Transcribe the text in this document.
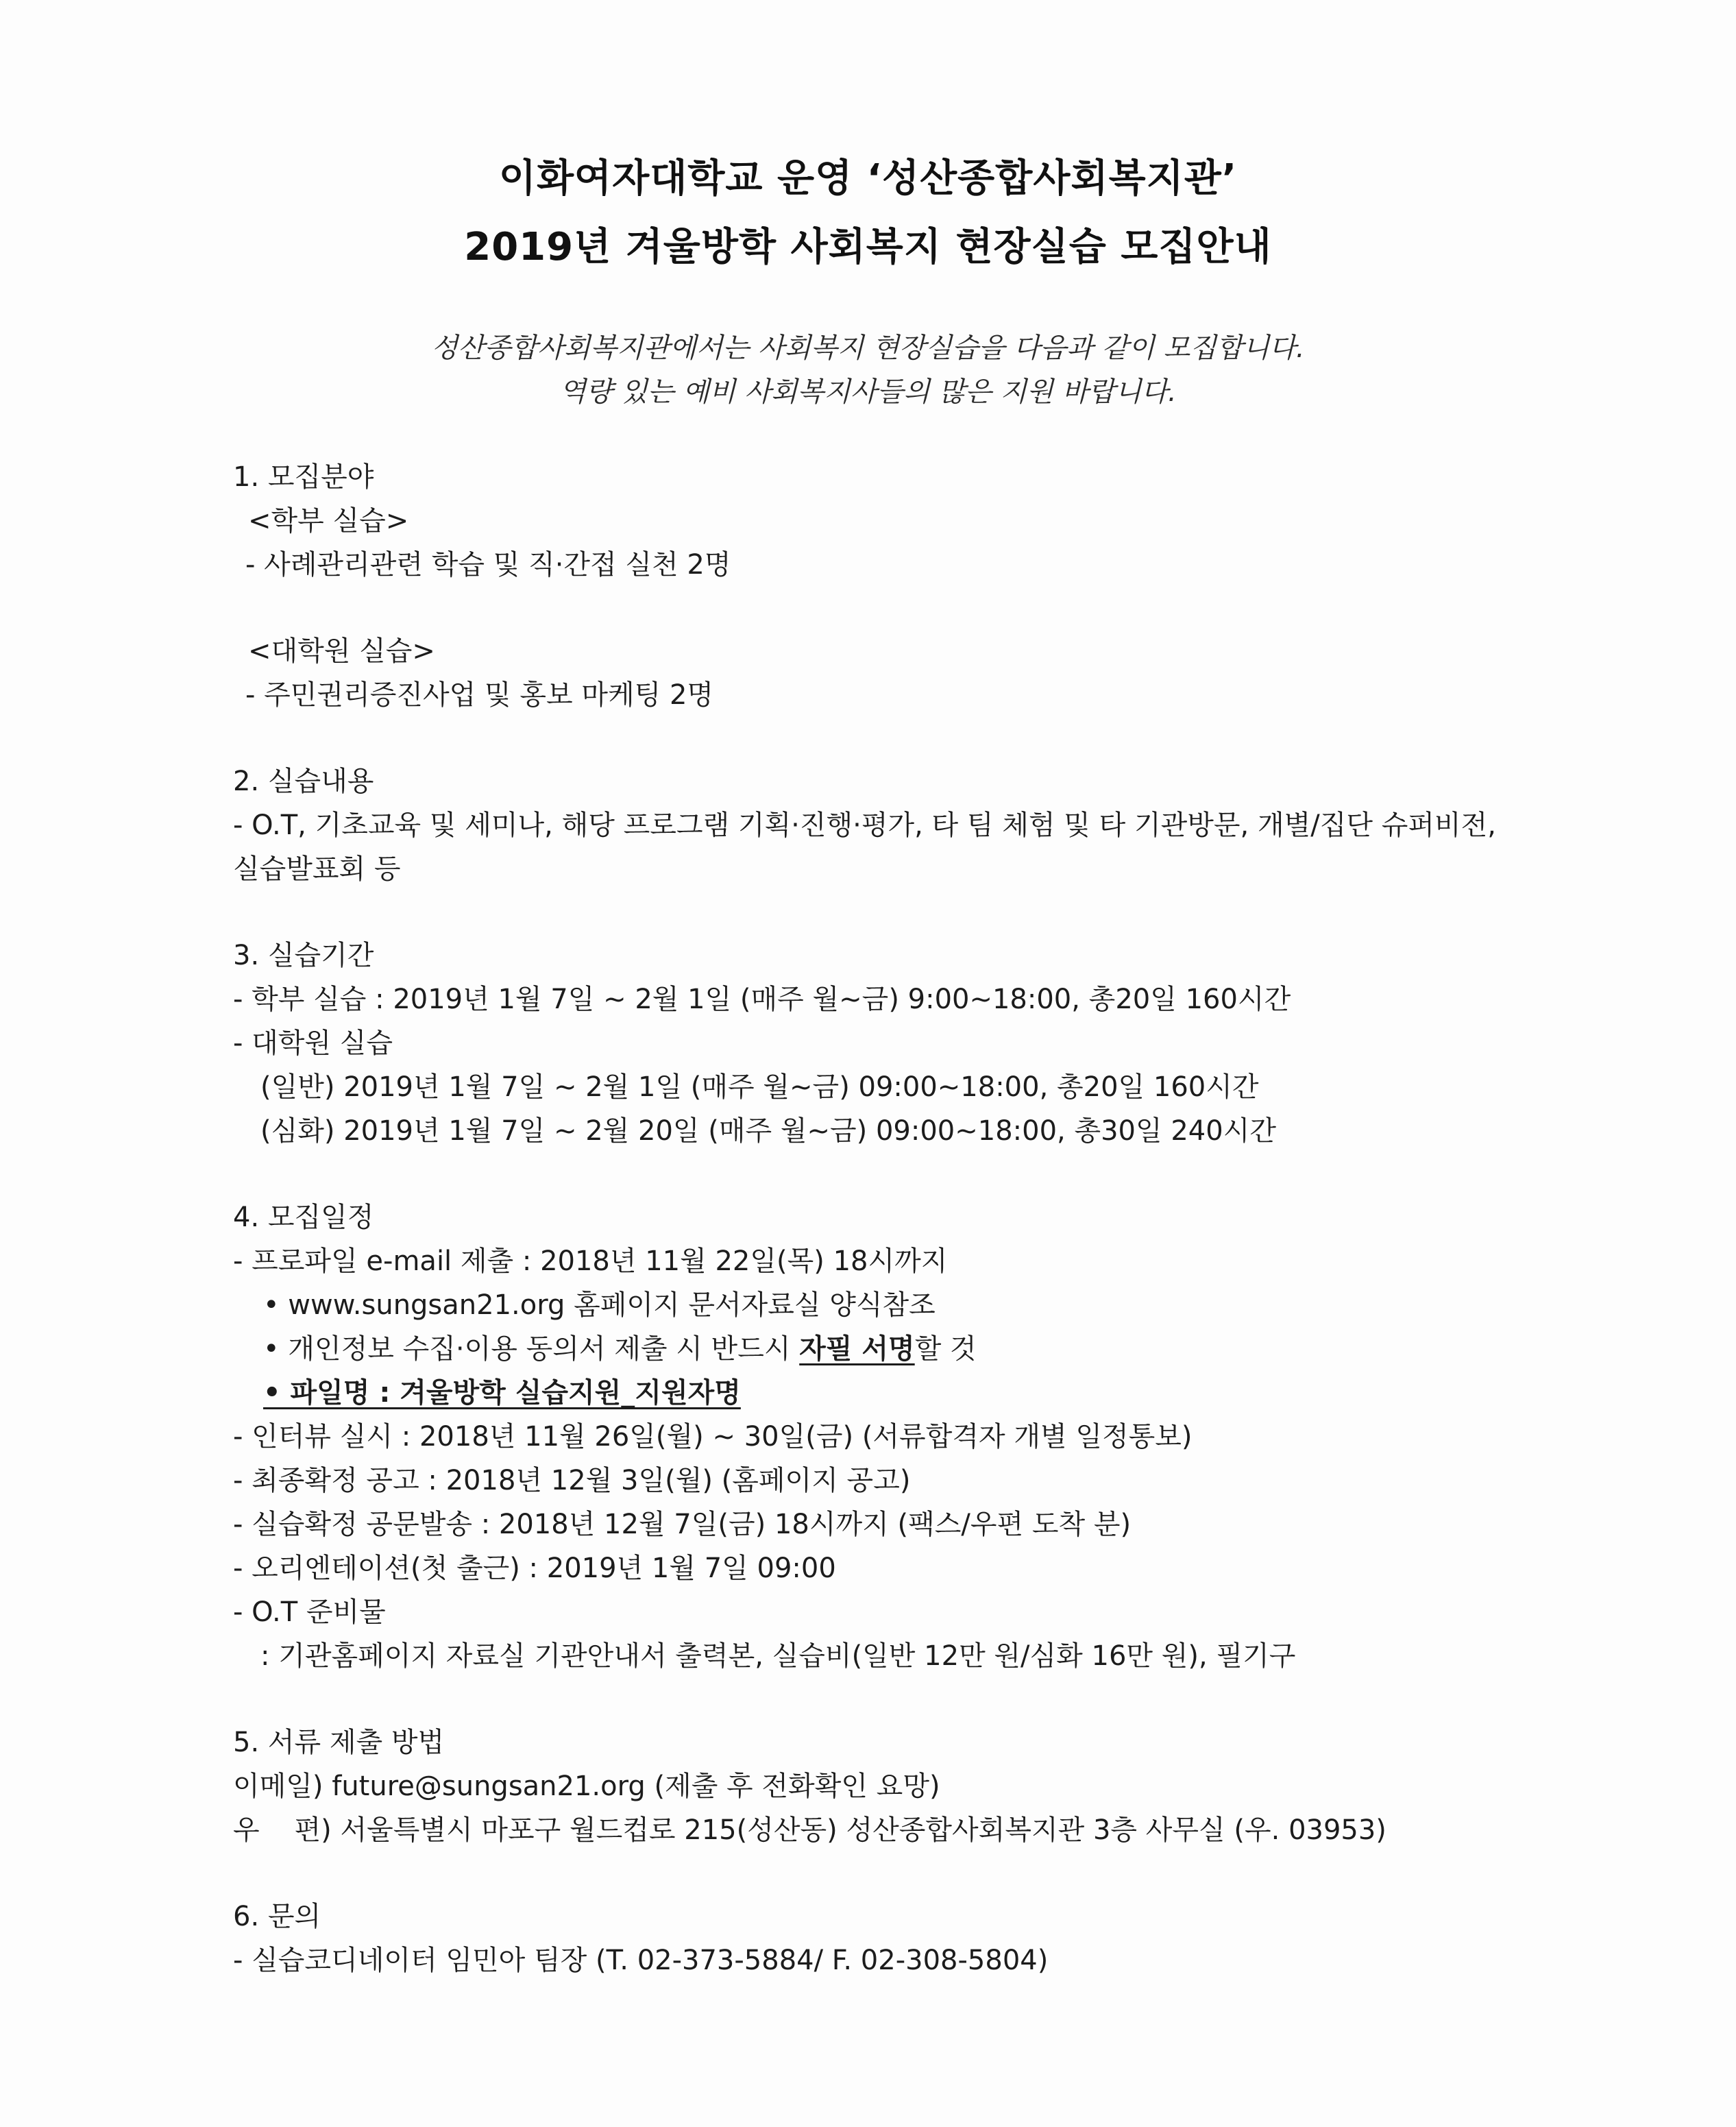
이화여자대학교 운영 ‘성산종합사회복지관’
2019년 겨울방학 사회복지 현장실습 모집안내
성산종합사회복지관에서는 사회복지 현장실습을 다음과 같이 모집합니다.
역량 있는 예비 사회복지사들의 많은 지원 바랍니다.
1. 모집분야
<학부 실습>
- 사례관리관련 학습 및 직·간접 실천 2명
<대학원 실습>
- 주민권리증진사업 및 홍보 마케팅 2명
2. 실습내용
- O.T, 기초교육 및 세미나, 해당 프로그램 기획·진행·평가, 타 팀 체험 및 타 기관방문, 개별/집단 슈퍼비전,
실습발표회 등
3. 실습기간
- 학부 실습 : 2019년 1월 7일 ~ 2월 1일 (매주 월~금) 9:00~18:00, 총20일 160시간
- 대학원 실습
(일반) 2019년 1월 7일 ~ 2월 1일 (매주 월~금) 09:00~18:00, 총20일 160시간
(심화) 2019년 1월 7일 ~ 2월 20일 (매주 월~금) 09:00~18:00, 총30일 240시간
4. 모집일정
- 프로파일 e-mail 제출 : 2018년 11월 22일(목) 18시까지
• www.sungsan21.org 홈페이지 문서자료실 양식참조
• 개인정보 수집·이용 동의서 제출 시 반드시 자필 서명할 것
• 파일명 : 겨울방학 실습지원_지원자명
- 인터뷰 실시 : 2018년 11월 26일(월) ~ 30일(금) (서류합격자 개별 일정통보)
- 최종확정 공고 : 2018년 12월 3일(월) (홈페이지 공고)
- 실습확정 공문발송 : 2018년 12월 7일(금) 18시까지 (팩스/우편 도착 분)
- 오리엔테이션(첫 출근) : 2019년 1월 7일 09:00
- O.T 준비물
: 기관홈페이지 자료실 기관안내서 출력본, 실습비(일반 12만 원/심화 16만 원), 필기구
5. 서류 제출 방법
이메일) future@sungsan21.org (제출 후 전화확인 요망)
우    편) 서울특별시 마포구 월드컵로 215(성산동) 성산종합사회복지관 3층 사무실 (우. 03953)
6. 문의
- 실습코디네이터 임민아 팀장 (T. 02-373-5884/ F. 02-308-5804)
